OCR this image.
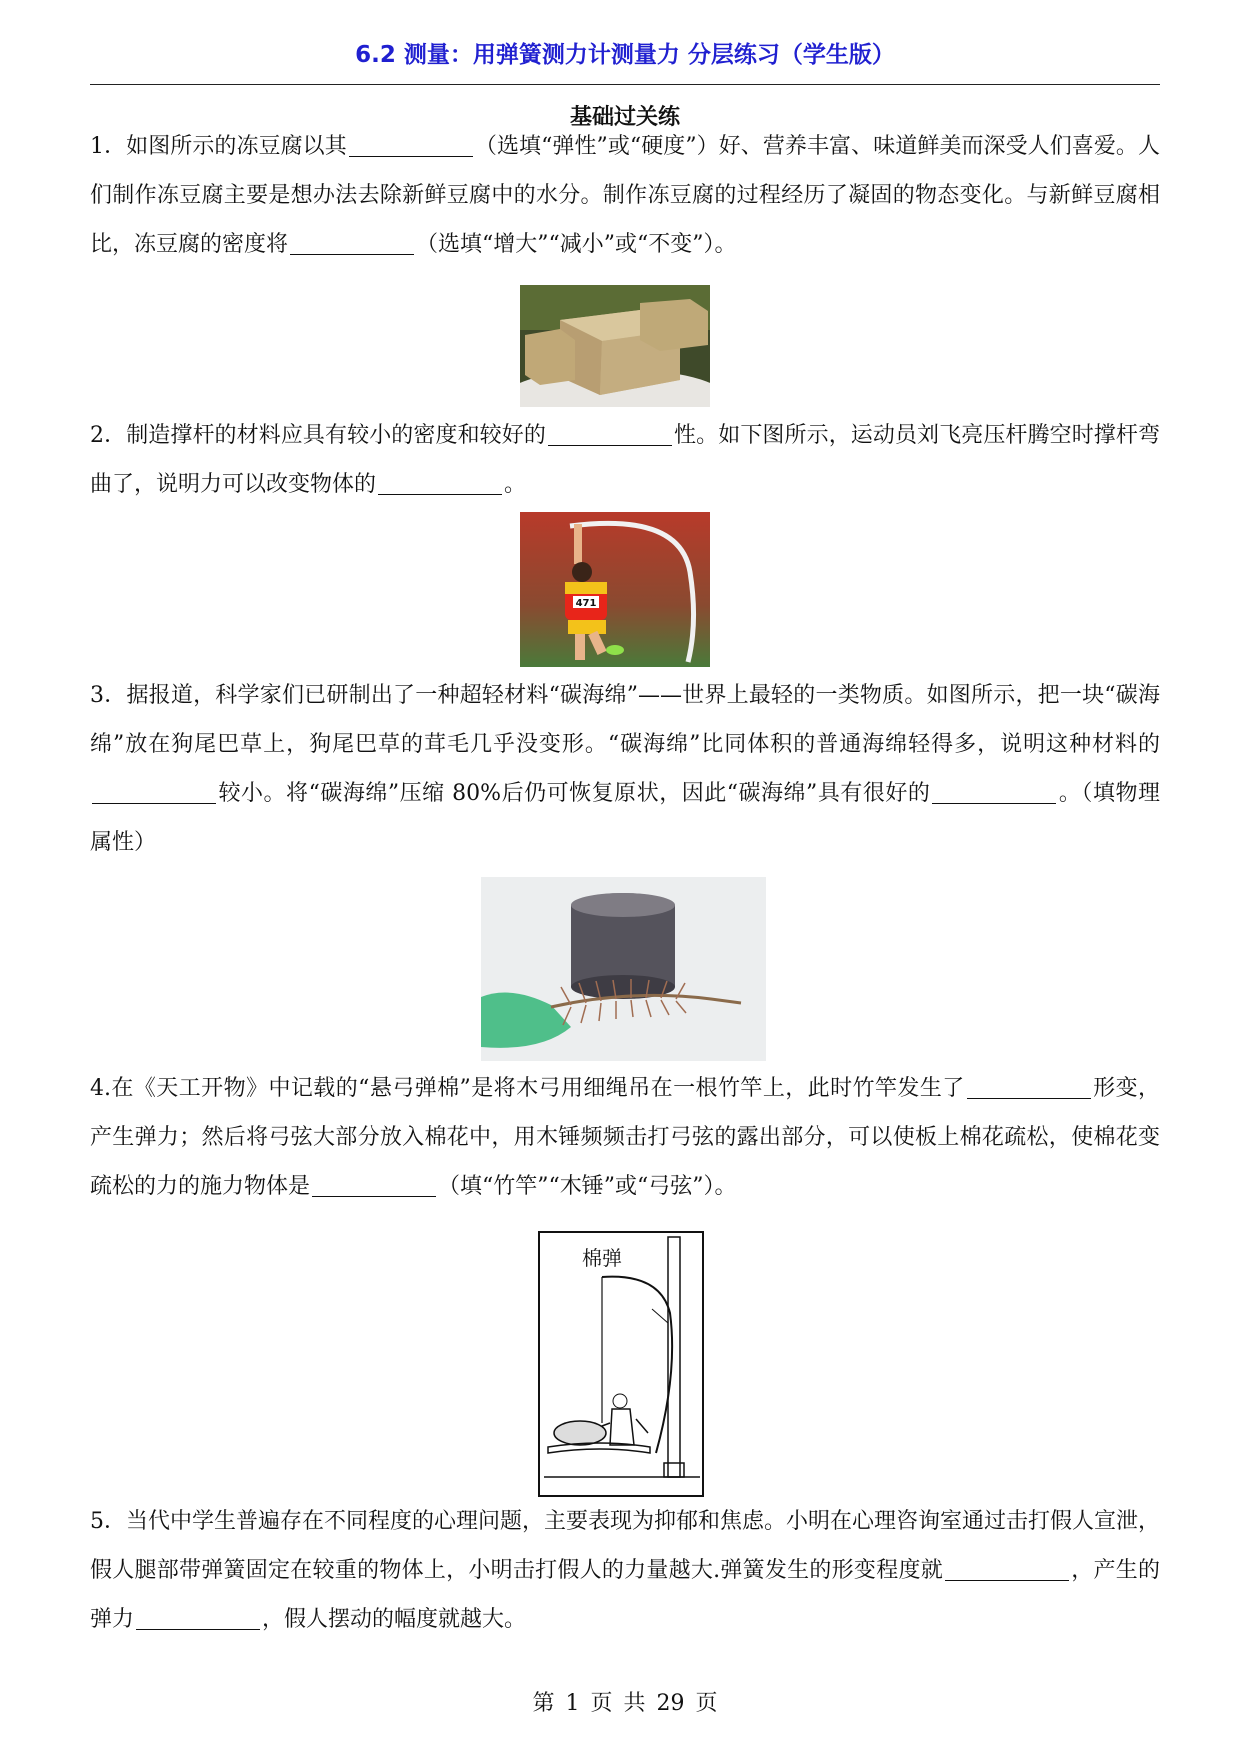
6.2 测量：用弹簧测力计测量力 分层练习（学生版）
基础过关练
1．如图所示的冻豆腐以其	（选填“弹性”或“硬度”）好、营养丰富、味道鲜美而深受人们喜爱。人们制作冻豆腐主要是想办法去除新鲜豆腐中的水分。制作冻豆腐的过程经历了凝固的物态变化。与新鲜豆腐相比，冻豆腐的密度将	（选填“增大”“减小”或“不变”）。
2．制造撑杆的材料应具有较小的密度和较好的	性。如下图所示，运动员刘飞亮压杆腾空时撑杆弯曲了，说明力可以改变物体的	。
471
3．据报道，科学家们已研制出了一种超轻材料“碳海绵”——世界上最轻的一类物质。如图所示，把一块“碳海绵”放在狗尾巴草上，狗尾巴草的茸毛几乎没变形。“碳海绵”比同体积的普通海绵轻得多，说明这种材料的较小。将“碳海绵”压缩 80%后仍可恢复原状，因此“碳海绵”具有很好的	。（填物理属性）
4.在《天工开物》中记载的“悬弓弹棉”是将木弓用细绳吊在一根竹竿上，此时竹竿发生了	形变，产生弹力；然后将弓弦大部分放入棉花中，用木锤频频击打弓弦的露出部分，可以使板上棉花疏松，使棉花变疏松的力的施力物体是	（填“竹竿”“木锤”或“弓弦”）。
棉弹
5．当代中学生普遍存在不同程度的心理问题，主要表现为抑郁和焦虑。小明在心理咨询室通过击打假人宣泄，假人腿部带弹簧固定在较重的物体上，小明击打假人的力量越大.弹簧发生的形变程度就	，产生的弹力	，假人摆动的幅度就越大。
第 1 页 共 29 页
